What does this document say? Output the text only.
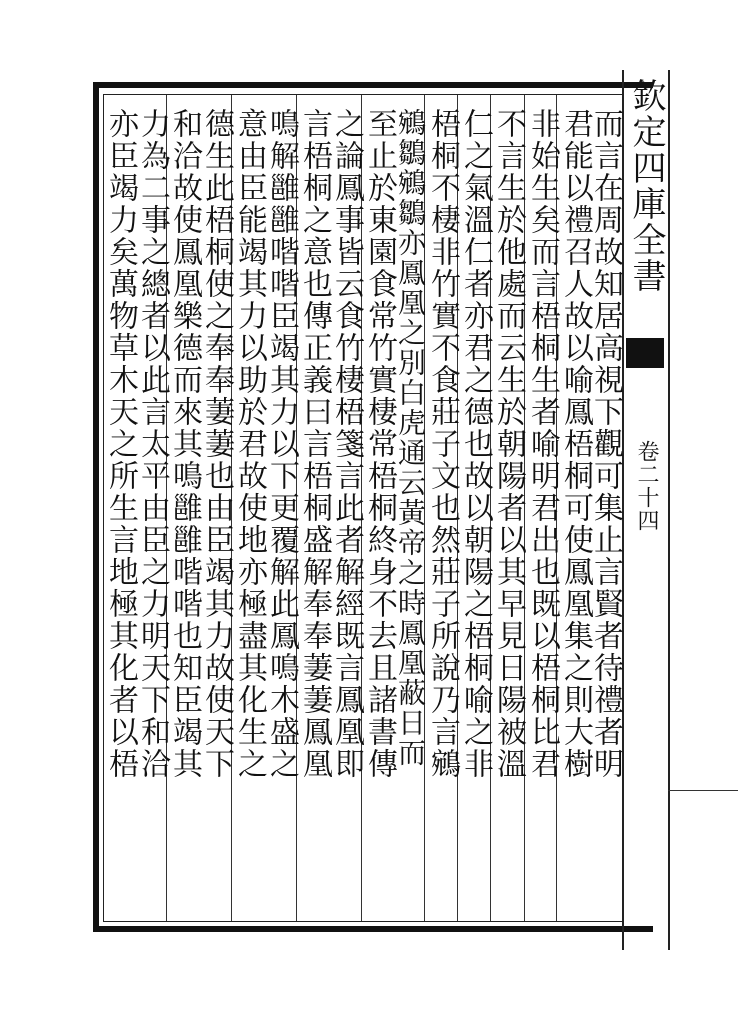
欽定四庫全書
卷二十四
而言在周故知居高視下觀可集止言賢者待禮者明
君能以禮召人故以喻鳳梧桐可使鳳凰集之則大樹
非始生矣而言梧桐生者喻明君出也既以梧桐比君
不言生於他處而云生於朝陽者以其早見日陽被溫
仁之氣溫仁者亦君之德也故以朝陽之梧桐喻之非
梧桐不棲非竹實不食莊子文也然莊子所說乃言鵷
鵷鶵鵷鶵亦鳳凰之別白虎通云黃帝之時鳳凰蔽日而
至止於東園食常竹實棲常梧桐終身不去且諸書傳
之論鳳事皆云食竹棲梧箋言此者解經既言鳳凰即
言梧桐之意也傳正義曰言梧桐盛解奉奉萋萋鳳凰
鳴解雝雝喈喈臣竭其力以下更覆解此鳳鳴木盛之
意由臣能竭其力以助於君故使地亦極盡其化生之
德生此梧桐使之奉奉萋萋也由臣竭其力故使天下
和洽故使鳳凰樂德而來其鳴雝雝喈喈也知臣竭其
力為二事之總者以此言太平由臣之力明天下和洽
亦臣竭力矣萬物草木天之所生言地極其化者以梧
